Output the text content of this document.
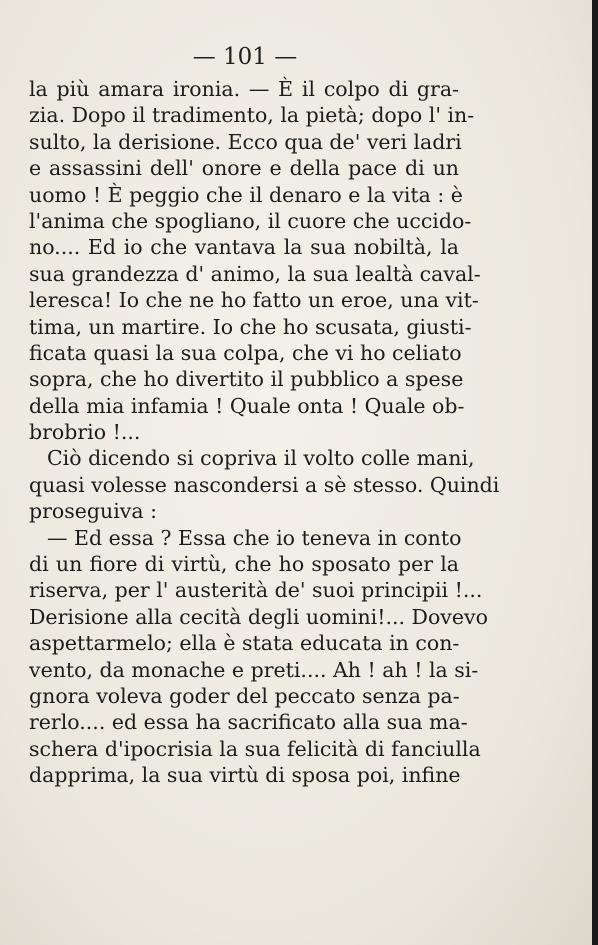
— 101 —
la più amara ironia. — È il colpo di gra-
zia. Dopo il tradimento, la pietà; dopo l' in-
sulto, la derisione. Ecco qua de' veri ladri
e assassini dell' onore e della pace di un
uomo ! È peggio che il denaro e la vita : è
l'anima che spogliano, il cuore che uccido-
no.... Ed io che vantava la sua nobiltà, la
sua grandezza d' animo, la sua lealtà caval-
leresca! Io che ne ho fatto un eroe, una vit-
tima, un martire. Io che ho scusata, giusti-
ficata quasi la sua colpa, che vi ho celiato
sopra, che ho divertito il pubblico a spese
della mia infamia ! Quale onta ! Quale ob-
brobrio !...
Ciò dicendo si copriva il volto colle mani,
quasi volesse nascondersi a sè stesso. Quindi
proseguiva :
— Ed essa ? Essa che io teneva in conto
di un fiore di virtù, che ho sposato per la
riserva, per l' austerità de' suoi principii !...
Derisione alla cecità degli uomini!... Dovevo
aspettarmelo; ella è stata educata in con-
vento, da monache e preti.... Ah ! ah ! la si-
gnora voleva goder del peccato senza pa-
rerlo.... ed essa ha sacrificato alla sua ma-
schera d'ipocrisia la sua felicità di fanciulla
dapprima, la sua virtù di sposa poi, infine
